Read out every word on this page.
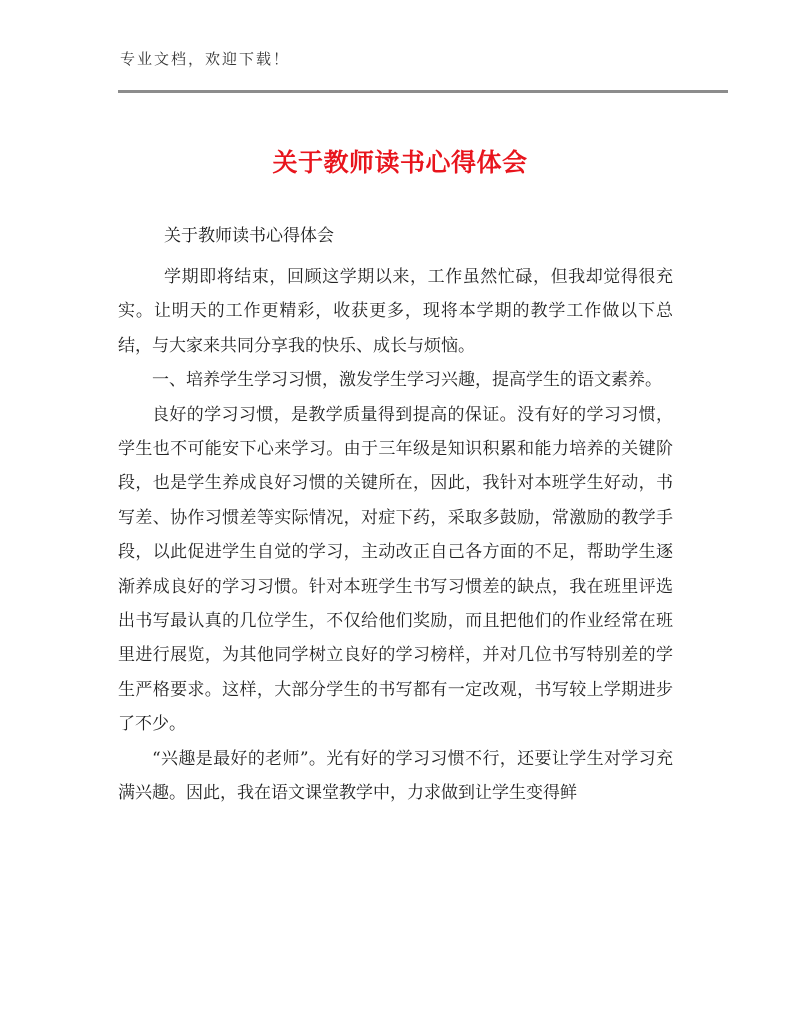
专业文档，欢迎下载！
关于教师读书心得体会
关于教师读书心得体会

学期即将结束，回顾这学期以来，工作虽然忙碌，但我却觉得很充实。让明天的工作更精彩，收获更多，现将本学期的教学工作做以下总结，与大家来共同分享我的快乐、成长与烦恼。

一、培养学生学习习惯，激发学生学习兴趣，提高学生的语文素养。

良好的学习习惯，是教学质量得到提高的保证。没有好的学习习惯，学生也不可能安下心来学习。由于三年级是知识积累和能力培养的关键阶段，也是学生养成良好习惯的关键所在，因此，我针对本班学生好动，书写差、协作习惯差等实际情况，对症下药，采取多鼓励，常激励的教学手段，以此促进学生自觉的学习，主动改正自己各方面的不足，帮助学生逐渐养成良好的学习习惯。针对本班学生书写习惯差的缺点，我在班里评选出书写最认真的几位学生，不仅给他们奖励，而且把他们的作业经常在班里进行展览，为其他同学树立良好的学习榜样，并对几位书写特别差的学生严格要求。这样，大部分学生的书写都有一定改观，书写较上学期进步了不少。

“兴趣是最好的老师”。光有好的学习习惯不行，还要让学生对学习充满兴趣。因此，我在语文课堂教学中，力求做到让学生变得鲜
